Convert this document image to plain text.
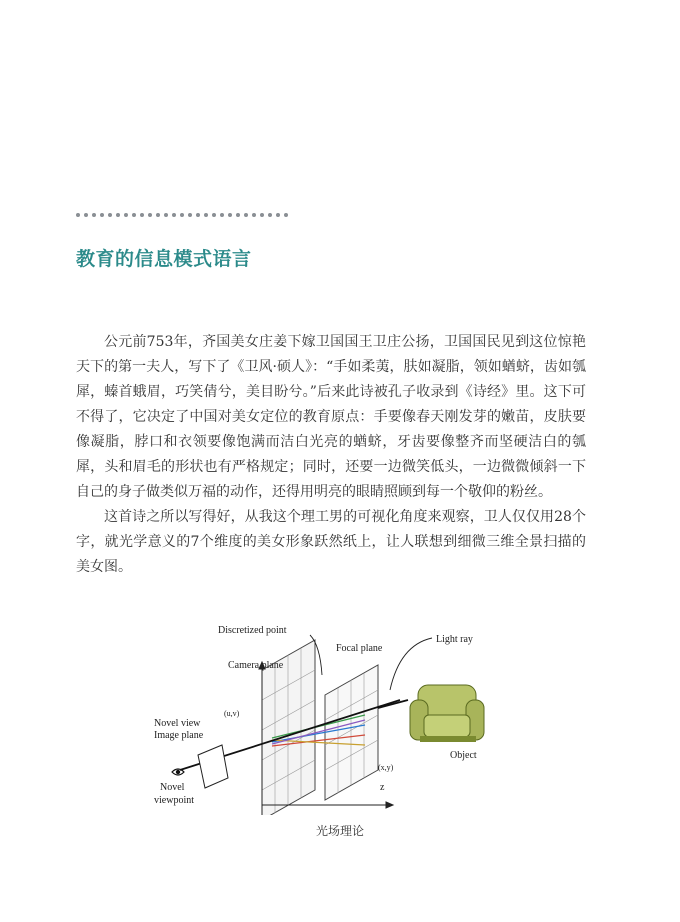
教育的信息模式语言

公元前753年，齐国美女庄姜下嫁卫国国王卫庄公扬，卫国国民见到这位惊艳天下的第一夫人，写下了《卫风·硕人》：“手如柔荑，肤如凝脂，领如蝤蛴，齿如瓠犀，螓首蛾眉，巧笑倩兮，美目盼兮。”后来此诗被孔子收录到《诗经》里。这下可不得了，它决定了中国对美女定位的教育原点：手要像春天刚发芽的嫩苗，皮肤要像凝脂，脖口和衣领要像饱满而洁白光亮的蝤蛴，牙齿要像整齐而坚硬洁白的瓠犀，头和眉毛的形状也有严格规定；同时，还要一边微笑低头，一边微微倾斜一下自己的身子做类似万福的动作，还得用明亮的眼睛照顾到每一个敬仰的粉丝。

这首诗之所以写得好，从我这个理工男的可视化角度来观察，卫人仅仅用28个字，就光学意义的7个维度的美女形象跃然纸上，让人联想到细微三维全景扫描的美女图。

Discretized point
Focal plane
Light ray
Camera plane
Novel view
Image plane
(u,v)
(x,y)
z
Object
Novel
viewpoint

光场理论
